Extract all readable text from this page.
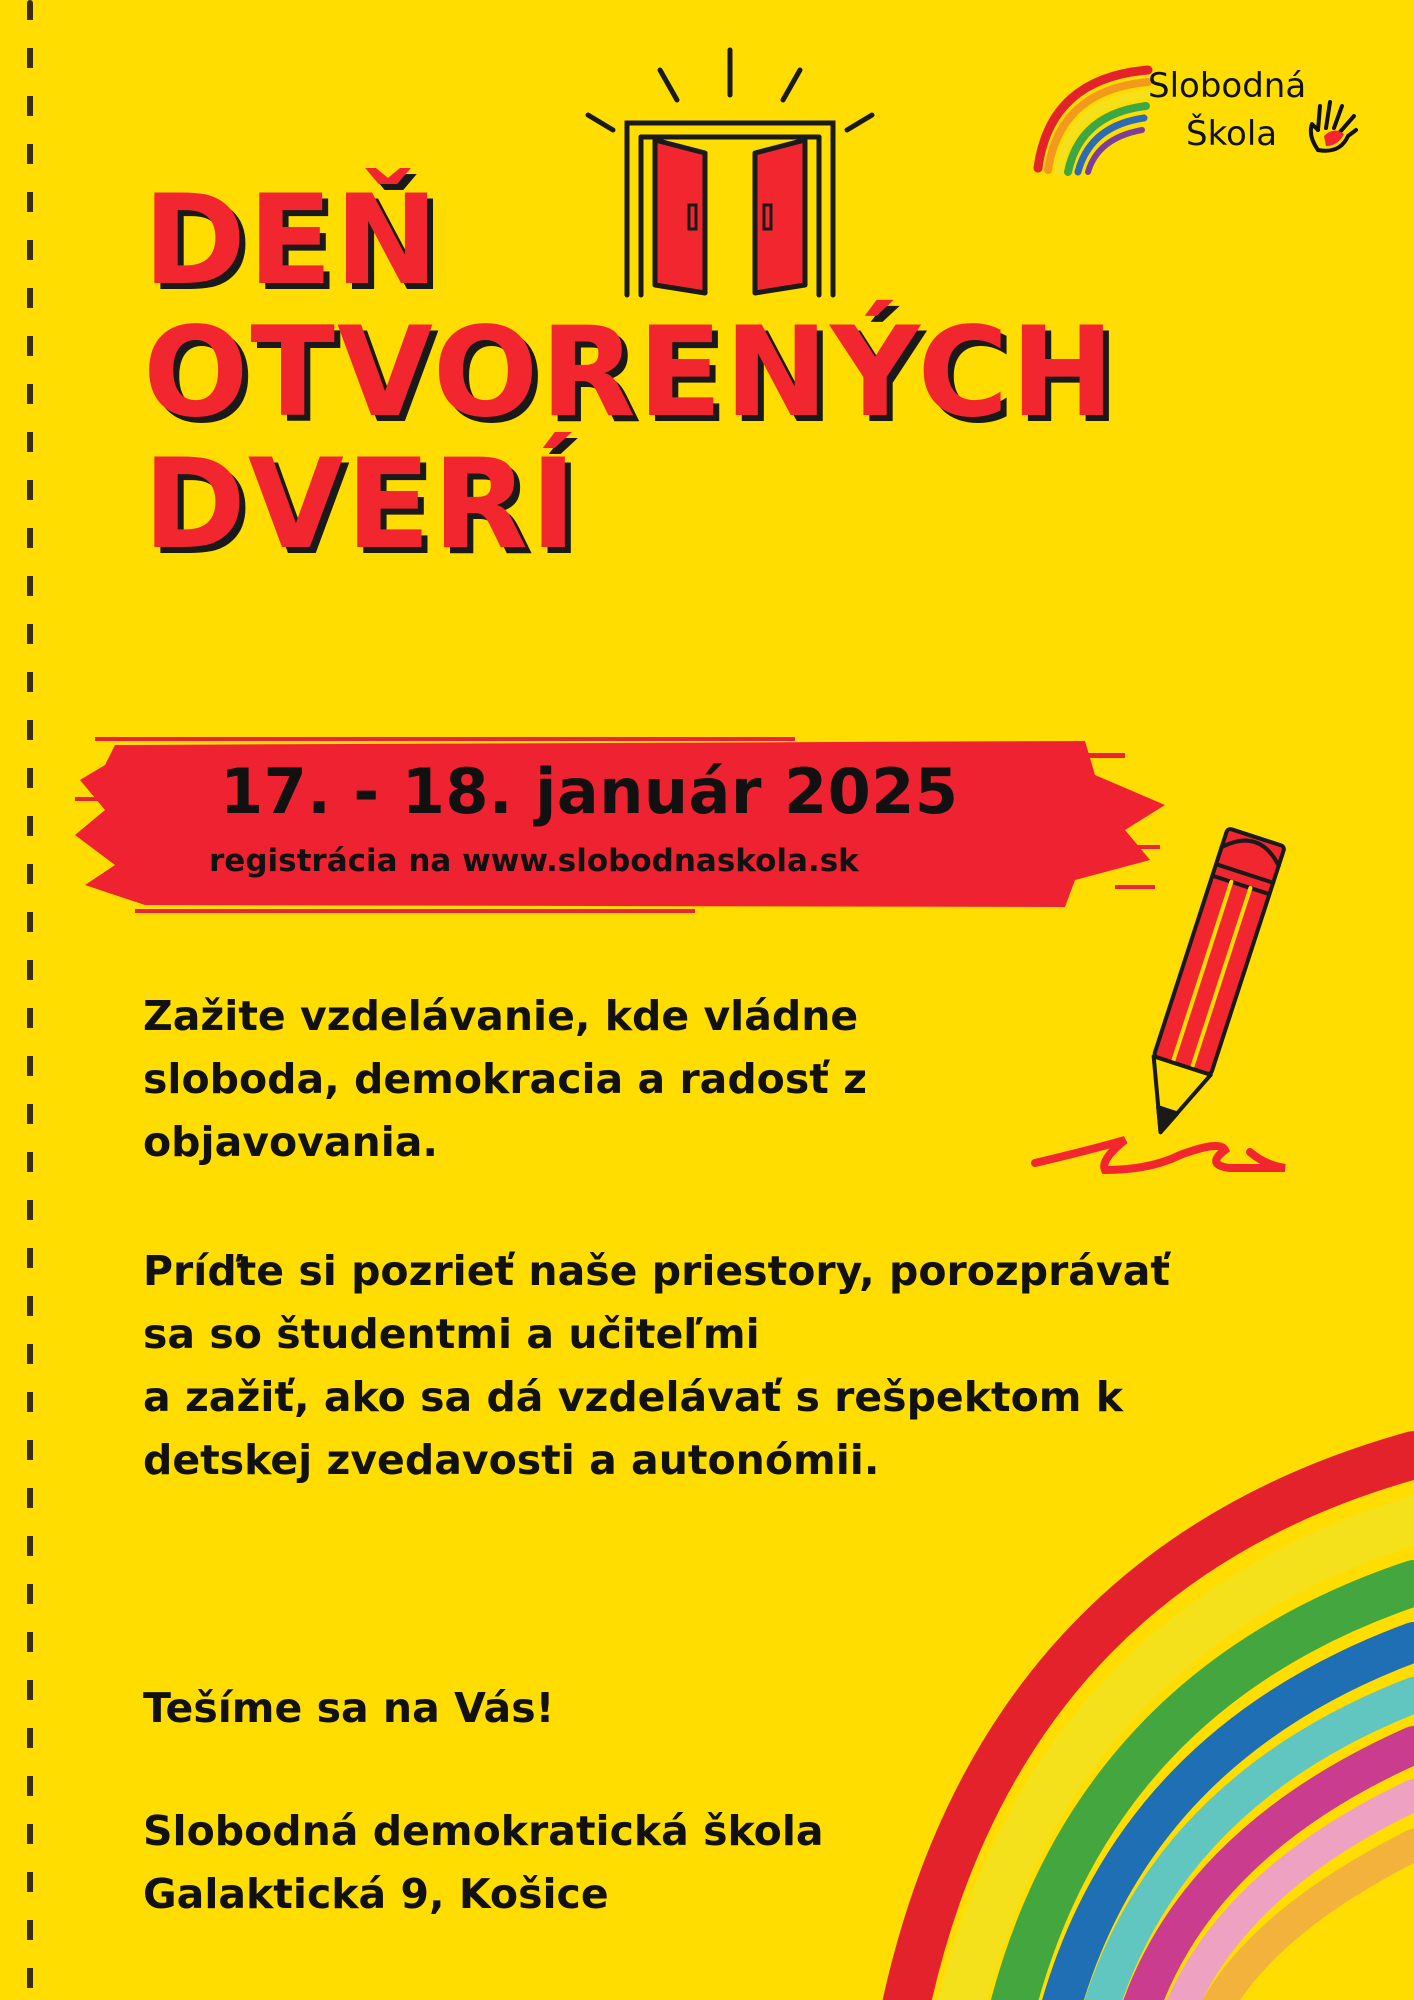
Slobodná
Škola
DEŇ
OTVORENÝCH
DVERÍ
17. - 18. január 2025
registrácia na www.slobodnaskola.sk

Zažite vzdelávanie, kde vládne
sloboda, demokracia a radosť z
objavovania.

Príďte si pozrieť naše priestory, porozprávať
sa so študentmi a učiteľmi
a zažiť, ako sa dá vzdelávať s rešpektom k
detskej zvedavosti a autonómii.

Tešíme sa na Vás!

Slobodná demokratická škola
Galaktická 9, Košice
